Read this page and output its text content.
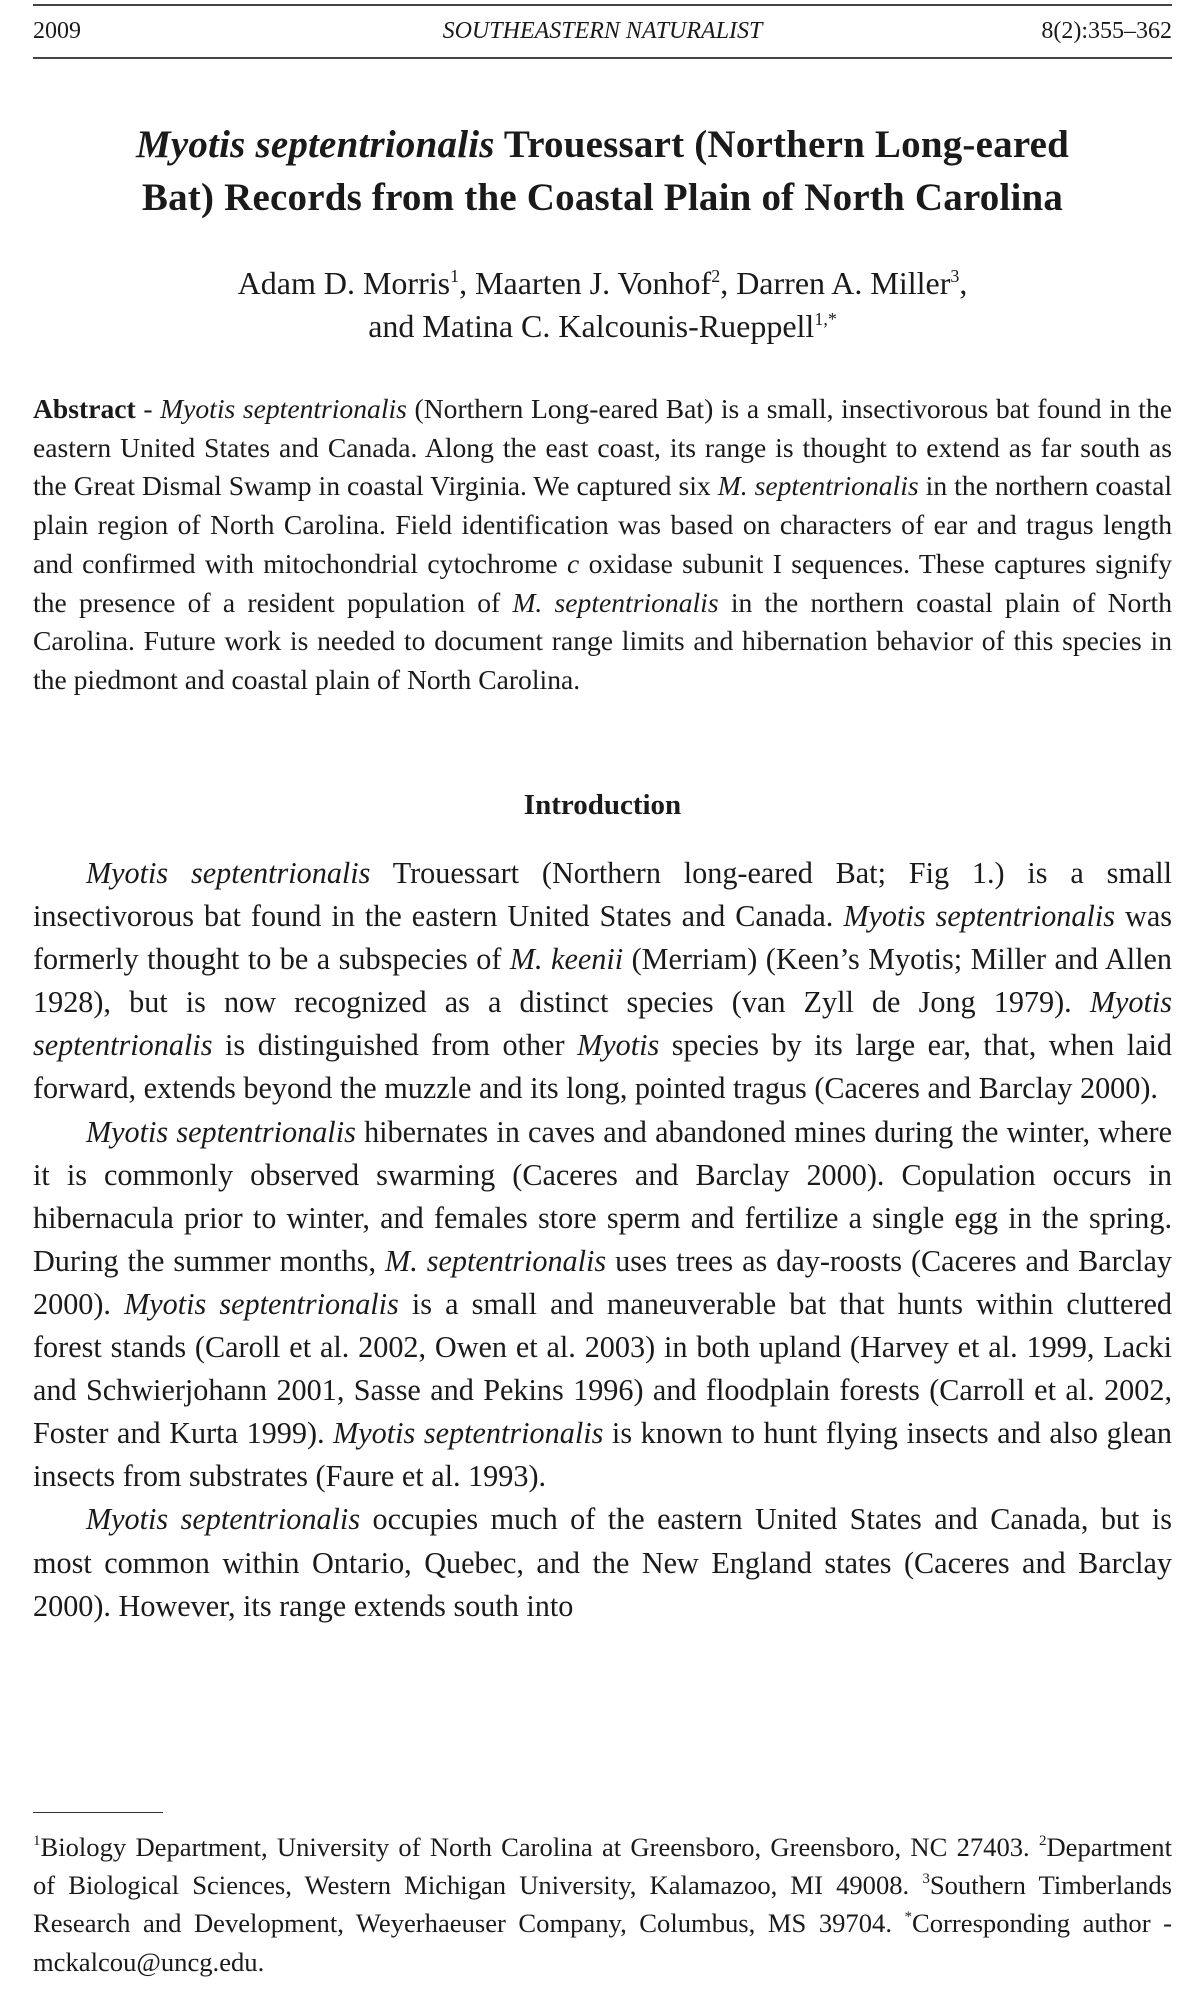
2009	SOUTHEASTERN NATURALIST	8(2):355–362
Myotis septentrionalis Trouessart (Northern Long-eared
Bat) Records from the Coastal Plain of North Carolina
Adam D. Morris$^1$, Maarten J. Vonhof$^2$, Darren A. Miller$^3$,
and Matina C. Kalcounis-Rueppell$^{1,*}$
Abstract - Myotis septentrionalis (Northern Long-eared Bat) is a small, insectivorous bat found in the eastern United States and Canada. Along the east coast, its range is thought to extend as far south as the Great Dismal Swamp in coastal Virginia. We captured six M. septentrionalis in the northern coastal plain region of North Carolina. Field identification was based on characters of ear and tragus length and confirmed with mitochondrial cytochrome c oxidase subunit I sequences. These captures signify the presence of a resident population of M. septentrionalis in the northern coastal plain of North Carolina. Future work is needed to document range limits and hibernation behavior of this species in the piedmont and coastal plain of North Carolina.
Introduction

Myotis septentrionalis Trouessart (Northern long-eared Bat; Fig 1.) is a small insectivorous bat found in the eastern United States and Canada. Myotis septentrionalis was formerly thought to be a subspecies of M. keenii (Merriam) (Keen’s Myotis; Miller and Allen 1928), but is now recognized as a distinct species (van Zyll de Jong 1979). Myotis septentrionalis is distinguished from other Myotis species by its large ear, that, when laid forward, extends beyond the muzzle and its long, pointed tragus (Caceres and Barclay 2000).

Myotis septentrionalis hibernates in caves and abandoned mines during the winter, where it is commonly observed swarming (Caceres and Barclay 2000). Copulation occurs in hibernacula prior to winter, and females store sperm and fertilize a single egg in the spring. During the summer months, M. septentrionalis uses trees as day-roosts (Caceres and Barclay 2000). Myotis septentrionalis is a small and maneuverable bat that hunts within cluttered forest stands (Caroll et al. 2002, Owen et al. 2003) in both upland (Harvey et al. 1999, Lacki and Schwierjohann 2001, Sasse and Pekins 1996) and floodplain forests (Carroll et al. 2002, Foster and Kurta 1999). Myotis septentrionalis is known to hunt flying insects and also glean insects from substrates (Faure et al. 1993).

Myotis septentrionalis occupies much of the eastern United States and Canada, but is most common within Ontario, Quebec, and the New England states (Caceres and Barclay 2000). However, its range extends south into

$^1$Biology Department, University of North Carolina at Greensboro, Greensboro, NC 27403. $^2$Department of Biological Sciences, Western Michigan University, Kalamazoo, MI 49008. $^3$Southern Timberlands Research and Development, Weyerhaeuser Company, Columbus, MS 39704. *Corresponding author - mckalcou@uncg.edu.
